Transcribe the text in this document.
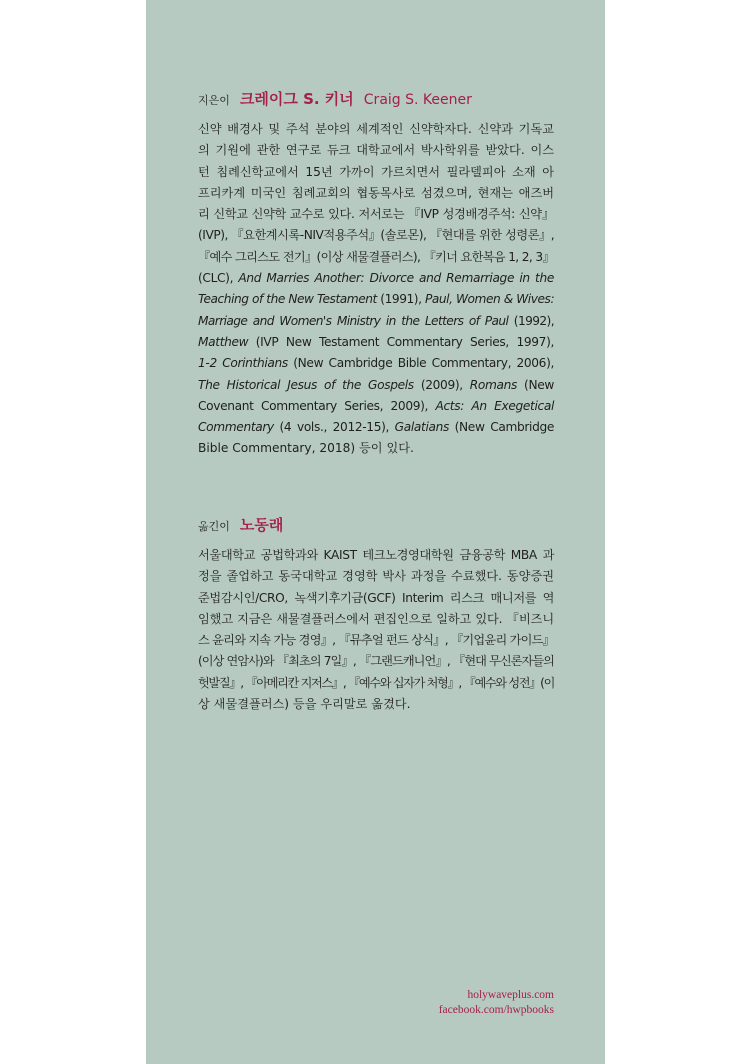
지은이 크레이그 S. 키너 Craig S. Keener
신약 배경사 및 주석 분야의 세계적인 신약학자다. 신약과 기독교
의 기원에 관한 연구로 듀크 대학교에서 박사학위를 받았다. 이스
턴 침례신학교에서 15년 가까이 가르치면서 필라델피아 소재 아
프리카계 미국인 침례교회의 협동목사로 섬겼으며, 현재는 애즈버
리 신학교 신약학 교수로 있다. 저서로는 『IVP 성경배경주석: 신약』
(IVP), 『요한계시록-NIV적용주석』(솔로몬), 『현대를 위한 성령론』,
『예수 그리스도 전기』(이상 새물결플러스), 『키너 요한복음 1, 2, 3』
(CLC), And Marries Another: Divorce and Remarriage in the
Teaching of the New Testament (1991), Paul, Women & Wives:
Marriage and Women's Ministry in the Letters of Paul (1992),
Matthew (IVP New Testament Commentary Series, 1997),
1-2 Corinthians (New Cambridge Bible Commentary, 2006),
The Historical Jesus of the Gospels (2009), Romans (New
Covenant Commentary Series, 2009), Acts: An Exegetical
Commentary (4 vols., 2012-15), Galatians (New Cambridge
Bible Commentary, 2018) 등이 있다.
옮긴이 노동래
서울대학교 공법학과와 KAIST 테크노경영대학원 금융공학 MBA 과
정을 졸업하고 동국대학교 경영학 박사 과정을 수료했다. 동양증권
준법감시인/CRO, 녹색기후기금(GCF) Interim 리스크 매니저를 역
임했고 지금은 새물결플러스에서 편집인으로 일하고 있다. 『비즈니
스 윤리와 지속 가능 경영』, 『뮤추얼 펀드 상식』, 『기업윤리 가이드』
(이상 연암사)와 『최초의 7일』, 『그랜드캐니언』, 『현대 무신론자들의
헛발질』, 『아메리칸 지저스』, 『예수와 십자가 처형』, 『예수와 성전』(이
상 새물결플러스) 등을 우리말로 옮겼다.
holywaveplus.com
facebook.com/hwpbooks
